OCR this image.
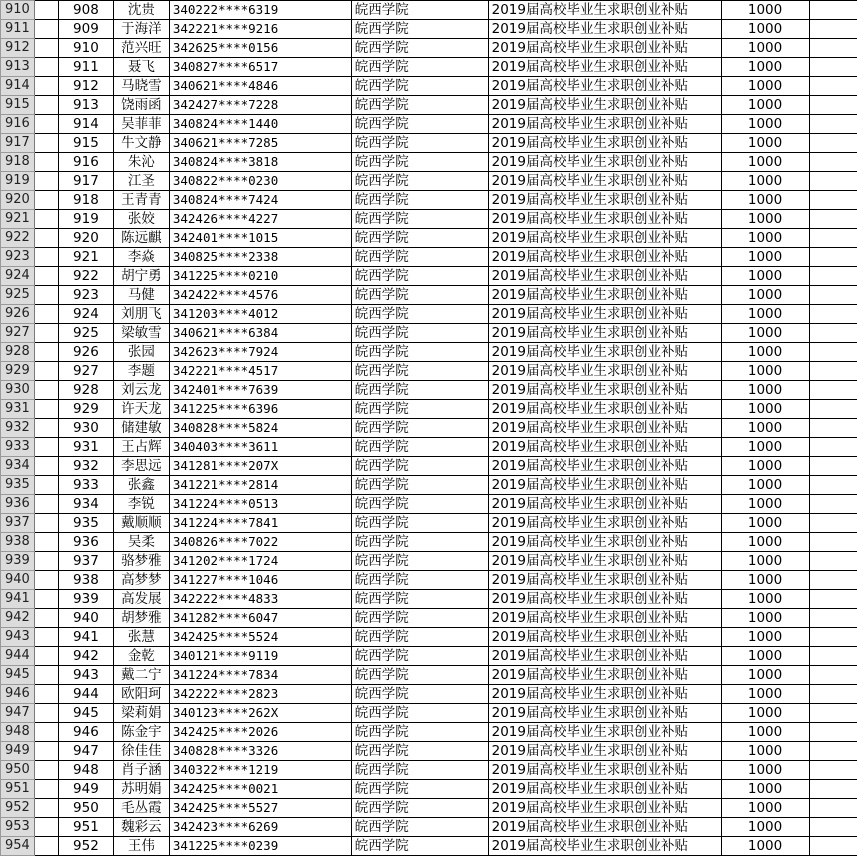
910		908	沈贵	340222****6319	皖西学院	2019届高校毕业生求职创业补贴	1000	
911		909	于海洋	342221****9216	皖西学院	2019届高校毕业生求职创业补贴	1000	
912		910	范兴旺	342625****0156	皖西学院	2019届高校毕业生求职创业补贴	1000	
913		911	聂飞	340827****6517	皖西学院	2019届高校毕业生求职创业补贴	1000	
914		912	马晓雪	340621****4846	皖西学院	2019届高校毕业生求职创业补贴	1000	
915		913	饶雨函	342427****7228	皖西学院	2019届高校毕业生求职创业补贴	1000	
916		914	吴菲菲	340824****1440	皖西学院	2019届高校毕业生求职创业补贴	1000	
917		915	牛文静	340621****7285	皖西学院	2019届高校毕业生求职创业补贴	1000	
918		916	朱沁	340824****3818	皖西学院	2019届高校毕业生求职创业补贴	1000	
919		917	江圣	340822****0230	皖西学院	2019届高校毕业生求职创业补贴	1000	
920		918	王青青	340824****7424	皖西学院	2019届高校毕业生求职创业补贴	1000	
921		919	张姣	342426****4227	皖西学院	2019届高校毕业生求职创业补贴	1000	
922		920	陈远麒	342401****1015	皖西学院	2019届高校毕业生求职创业补贴	1000	
923		921	李焱	340825****2338	皖西学院	2019届高校毕业生求职创业补贴	1000	
924		922	胡宁勇	341225****0210	皖西学院	2019届高校毕业生求职创业补贴	1000	
925		923	马健	342422****4576	皖西学院	2019届高校毕业生求职创业补贴	1000	
926		924	刘朋飞	341203****4012	皖西学院	2019届高校毕业生求职创业补贴	1000	
927		925	梁敏雪	340621****6384	皖西学院	2019届高校毕业生求职创业补贴	1000	
928		926	张园	342623****7924	皖西学院	2019届高校毕业生求职创业补贴	1000	
929		927	李题	342221****4517	皖西学院	2019届高校毕业生求职创业补贴	1000	
930		928	刘云龙	342401****7639	皖西学院	2019届高校毕业生求职创业补贴	1000	
931		929	许天龙	341225****6396	皖西学院	2019届高校毕业生求职创业补贴	1000	
932		930	储建敏	340828****5824	皖西学院	2019届高校毕业生求职创业补贴	1000	
933		931	王占辉	340403****3611	皖西学院	2019届高校毕业生求职创业补贴	1000	
934		932	李思远	341281****207X	皖西学院	2019届高校毕业生求职创业补贴	1000	
935		933	张鑫	341221****2814	皖西学院	2019届高校毕业生求职创业补贴	1000	
936		934	李锐	341224****0513	皖西学院	2019届高校毕业生求职创业补贴	1000	
937		935	戴顺顺	341224****7841	皖西学院	2019届高校毕业生求职创业补贴	1000	
938		936	吴柔	340826****7022	皖西学院	2019届高校毕业生求职创业补贴	1000	
939		937	骆梦雅	341202****1724	皖西学院	2019届高校毕业生求职创业补贴	1000	
940		938	高梦梦	341227****1046	皖西学院	2019届高校毕业生求职创业补贴	1000	
941		939	高发展	342222****4833	皖西学院	2019届高校毕业生求职创业补贴	1000	
942		940	胡梦雅	341282****6047	皖西学院	2019届高校毕业生求职创业补贴	1000	
943		941	张慧	342425****5524	皖西学院	2019届高校毕业生求职创业补贴	1000	
944		942	金乾	340121****9119	皖西学院	2019届高校毕业生求职创业补贴	1000	
945		943	戴二宁	341224****7834	皖西学院	2019届高校毕业生求职创业补贴	1000	
946		944	欧阳珂	342222****2823	皖西学院	2019届高校毕业生求职创业补贴	1000	
947		945	梁莉娟	340123****262X	皖西学院	2019届高校毕业生求职创业补贴	1000	
948		946	陈金宇	342425****2026	皖西学院	2019届高校毕业生求职创业补贴	1000	
949		947	徐佳佳	340828****3326	皖西学院	2019届高校毕业生求职创业补贴	1000	
950		948	肖子涵	340322****1219	皖西学院	2019届高校毕业生求职创业补贴	1000	
951		949	苏明娟	342425****0021	皖西学院	2019届高校毕业生求职创业补贴	1000	
952		950	毛丛霞	342425****5527	皖西学院	2019届高校毕业生求职创业补贴	1000	
953		951	魏彩云	342423****6269	皖西学院	2019届高校毕业生求职创业补贴	1000	
954		952	王伟	341225****0239	皖西学院	2019届高校毕业生求职创业补贴	1000	
